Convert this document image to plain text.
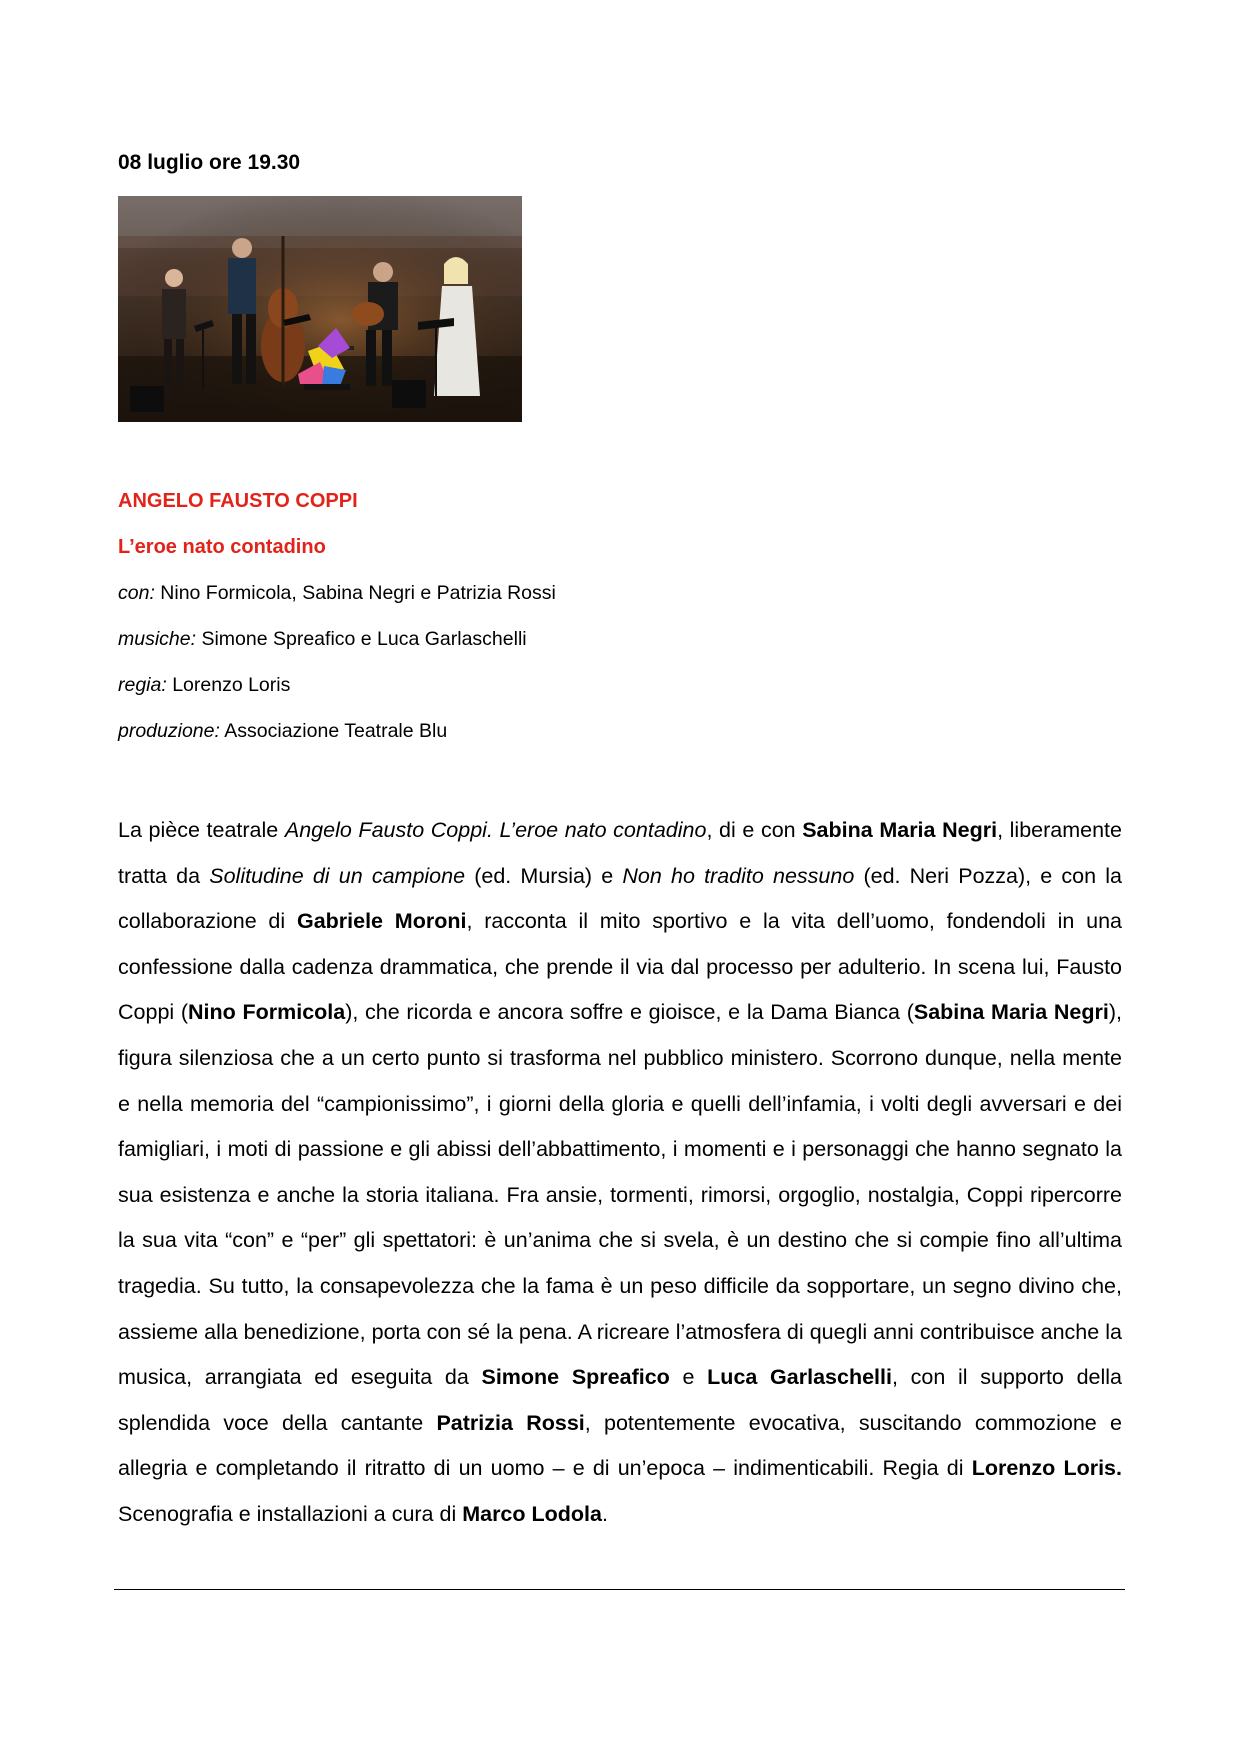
08 luglio ore 19.30

ANGELO FAUSTO COPPI
L’eroe nato contadino
con: Nino Formicola, Sabina Negri e Patrizia Rossi
musiche: Simone Spreafico e Luca Garlaschelli
regia: Lorenzo Loris
produzione: Associazione Teatrale Blu

La pièce teatrale Angelo Fausto Coppi. L’eroe nato contadino, di e con Sabina Maria Negri, liberamente tratta da Solitudine di un campione (ed. Mursia) e Non ho tradito nessuno (ed. Neri Pozza), e con la collaborazione di Gabriele Moroni, racconta il mito sportivo e la vita dell’uomo, fondendoli in una confessione dalla cadenza drammatica, che prende il via dal processo per adulterio. In scena lui, Fausto Coppi (Nino Formicola), che ricorda e ancora soffre e gioisce, e la Dama Bianca (Sabina Maria Negri), figura silenziosa che a un certo punto si trasforma nel pubblico ministero. Scorrono dunque, nella mente e nella memoria del “campionissimo”, i giorni della gloria e quelli dell’infamia, i volti degli avversari e dei famigliari, i moti di passione e gli abissi dell’abbattimento, i momenti e i personaggi che hanno segnato la sua esistenza e anche la storia italiana. Fra ansie, tormenti, rimorsi, orgoglio, nostalgia, Coppi ripercorre la sua vita “con” e “per” gli spettatori: è un’anima che si svela, è un destino che si compie fino all’ultima tragedia. Su tutto, la consapevolezza che la fama è un peso difficile da sopportare, un segno divino che, assieme alla benedizione, porta con sé la pena. A ricreare l’atmosfera di quegli anni contribuisce anche la musica, arrangiata ed eseguita da Simone Spreafico e Luca Garlaschelli, con il supporto della splendida voce della cantante Patrizia Rossi, potentemente evocativa, suscitando commozione e allegria e completando il ritratto di un uomo – e di un’epoca – indimenticabili. Regia di Lorenzo Loris. Scenografia e installazioni a cura di Marco Lodola.
